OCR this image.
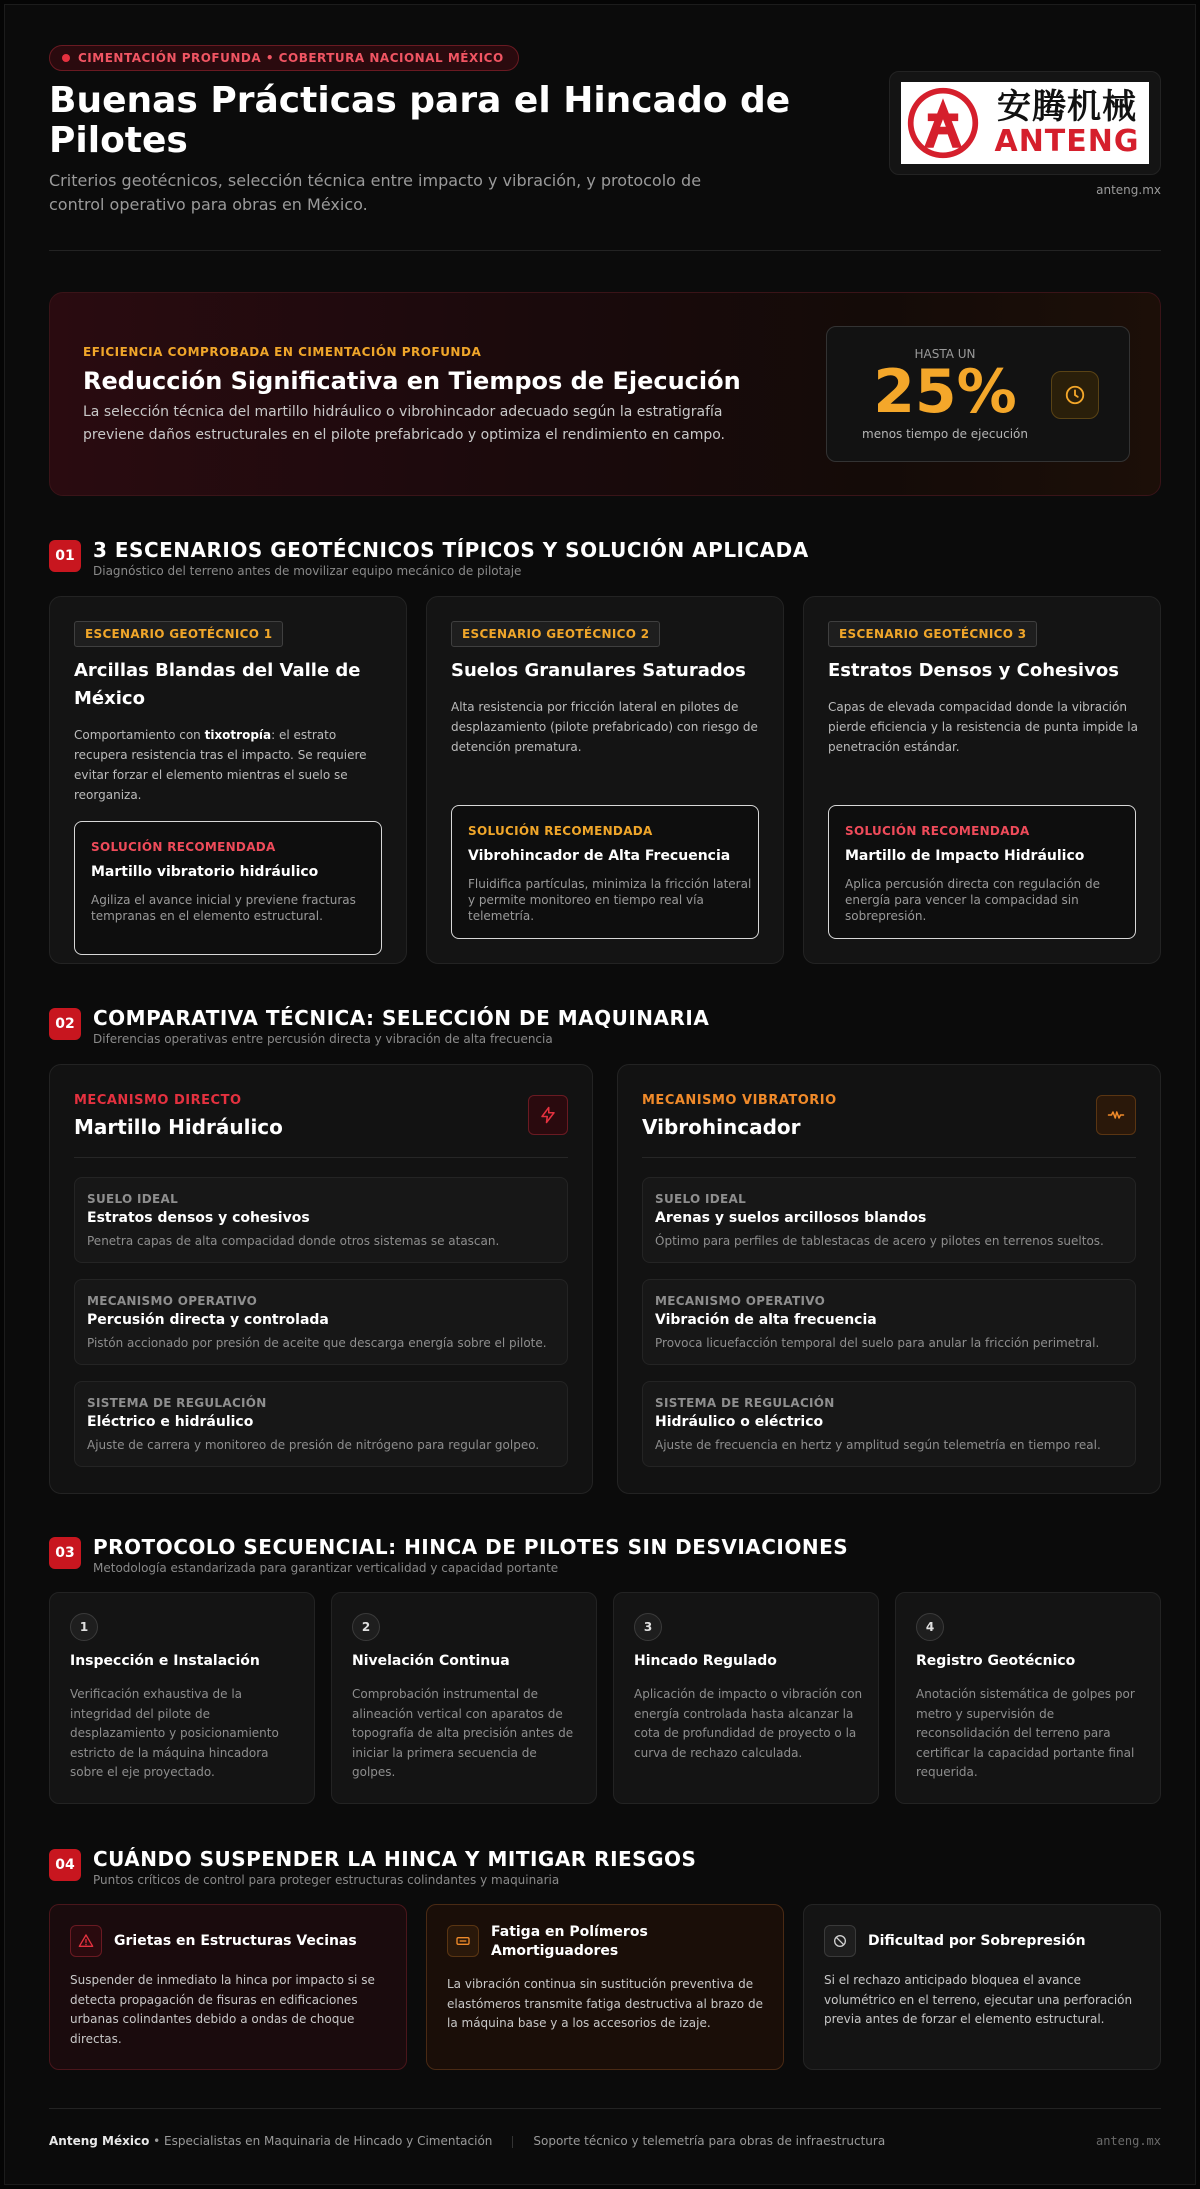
CIMENTACIÓN PROFUNDA • COBERTURA NACIONAL MÉXICO
Buenas Prácticas para el Hincado de Pilotes
Criterios geotécnicos, selección técnica entre impacto y vibración, y protocolo de control operativo para obras en México.
安腾机械
ANTENG
anteng.mx
EFICIENCIA COMPROBADA EN CIMENTACIÓN PROFUNDA
Reducción Significativa en Tiempos de Ejecución
La selección técnica del martillo hidráulico o vibrohincador adecuado según la estratigrafía previene daños estructurales en el pilote prefabricado y optimiza el rendimiento en campo.
HASTA UN
25%
menos tiempo de ejecución
01 3 ESCENARIOS GEOTÉCNICOS TÍPICOS Y SOLUCIÓN APLICADA
Diagnóstico del terreno antes de movilizar equipo mecánico de pilotaje
ESCENARIO GEOTÉCNICO 1
Arcillas Blandas del Valle de México
Comportamiento con tixotropía: el estrato recupera resistencia tras el impacto. Se requiere evitar forzar el elemento mientras el suelo se reorganiza.
SOLUCIÓN RECOMENDADA
Martillo vibratorio hidráulico
Agiliza el avance inicial y previene fracturas tempranas en el elemento estructural.
ESCENARIO GEOTÉCNICO 2
Suelos Granulares Saturados
Alta resistencia por fricción lateral en pilotes de desplazamiento (pilote prefabricado) con riesgo de detención prematura.
SOLUCIÓN RECOMENDADA
Vibrohincador de Alta Frecuencia
Fluidifica partículas, minimiza la fricción lateral y permite monitoreo en tiempo real vía telemetría.
ESCENARIO GEOTÉCNICO 3
Estratos Densos y Cohesivos
Capas de elevada compacidad donde la vibración pierde eficiencia y la resistencia de punta impide la penetración estándar.
SOLUCIÓN RECOMENDADA
Martillo de Impacto Hidráulico
Aplica percusión directa con regulación de energía para vencer la compacidad sin sobrepresión.
02 COMPARATIVA TÉCNICA: SELECCIÓN DE MAQUINARIA
Diferencias operativas entre percusión directa y vibración de alta frecuencia
MECANISMO DIRECTO
Martillo Hidráulico
SUELO IDEAL
Estratos densos y cohesivos
Penetra capas de alta compacidad donde otros sistemas se atascan.
MECANISMO OPERATIVO
Percusión directa y controlada
Pistón accionado por presión de aceite que descarga energía sobre el pilote.
SISTEMA DE REGULACIÓN
Eléctrico e hidráulico
Ajuste de carrera y monitoreo de presión de nitrógeno para regular golpeo.
MECANISMO VIBRATORIO
Vibrohincador
SUELO IDEAL
Arenas y suelos arcillosos blandos
Óptimo para perfiles de tablestacas de acero y pilotes en terrenos sueltos.
MECANISMO OPERATIVO
Vibración de alta frecuencia
Provoca licuefacción temporal del suelo para anular la fricción perimetral.
SISTEMA DE REGULACIÓN
Hidráulico o eléctrico
Ajuste de frecuencia en hertz y amplitud según telemetría en tiempo real.
03 PROTOCOLO SECUENCIAL: HINCA DE PILOTES SIN DESVIACIONES
Metodología estandarizada para garantizar verticalidad y capacidad portante
1
Inspección e Instalación
Verificación exhaustiva de la integridad del pilote de desplazamiento y posicionamiento estricto de la máquina hincadora sobre el eje proyectado.
2
Nivelación Continua
Comprobación instrumental de alineación vertical con aparatos de topografía de alta precisión antes de iniciar la primera secuencia de golpes.
3
Hincado Regulado
Aplicación de impacto o vibración con energía controlada hasta alcanzar la cota de profundidad de proyecto o la curva de rechazo calculada.
4
Registro Geotécnico
Anotación sistemática de golpes por metro y supervisión de reconsolidación del terreno para certificar la capacidad portante final requerida.
04 CUÁNDO SUSPENDER LA HINCA Y MITIGAR RIESGOS
Puntos críticos de control para proteger estructuras colindantes y maquinaria
Grietas en Estructuras Vecinas
Suspender de inmediato la hinca por impacto si se detecta propagación de fisuras en edificaciones urbanas colindantes debido a ondas de choque directas.
Fatiga en Polímeros Amortiguadores
La vibración continua sin sustitución preventiva de elastómeros transmite fatiga destructiva al brazo de la máquina base y a los accesorios de izaje.
Dificultad por Sobrepresión
Si el rechazo anticipado bloquea el avance volumétrico en el terreno, ejecutar una perforación previa antes de forzar el elemento estructural.
Anteng México • Especialistas en Maquinaria de Hincado y Cimentación	Soporte técnico y telemetría para obras de infraestructura	anteng.mx
